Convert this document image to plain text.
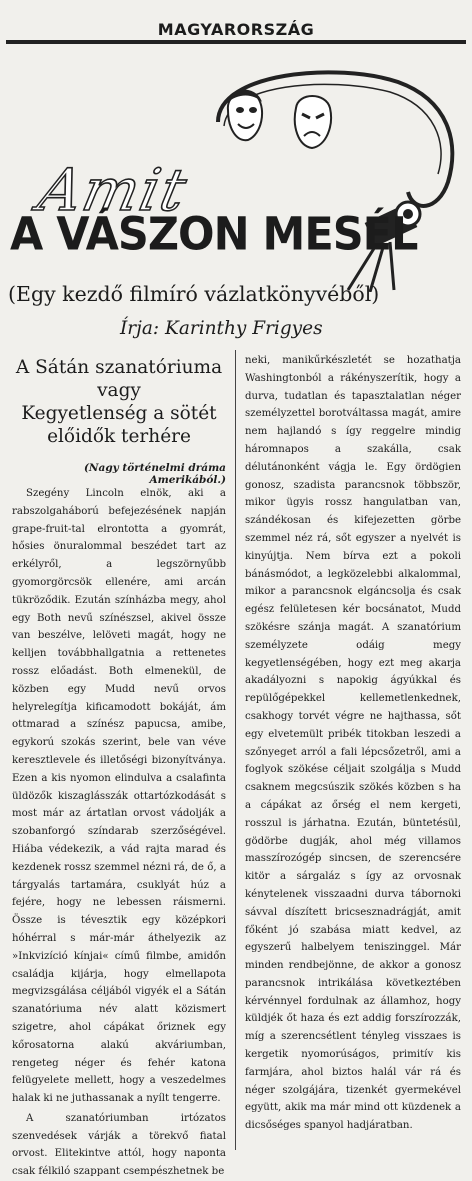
MAGYARORSZÁG
Amit
A VÁSZON MESÉL
(Egy kezdő filmíró vázlatkönyvéből)
Írja: Karinthy Frigyes
A Sátán szanatóriuma
vagy
Kegyetlenség a sötét
előidők terhére
(Nagy történelmi dráma Amerikából.)

Szegény Lincoln elnök, aki a rabszolgaháború befejezésének napján grape-fruit-tal elrontotta a gyomrát, hősies önuralommal beszédet tart az erkélyről, a legszörnyűbb gyomorgörcsök ellenére, ami arcán tükröződik. Ezután színházba megy, ahol egy Both nevű színészsel, akivel össze van beszélve, lelöveti magát, hogy ne kelljen továbbhallgatnia a rettenetes rossz előadást. Both elmenekül, de közben egy Mudd nevű orvos helyrelegítja kificamodott bokáját, ám ottmarad a színész papucsa, amibe, egykorú szokás szerint, bele van véve keresztlevele és illetőségi bizonyítványa. Ezen a kis nyomon elindulva a csalafinta üldözők kiszaglásszák ottartózkodását s most már az ártatlan orvost vádolják a szobanforgó színdarab szerzőségével. Hiába védekezik, a vád rajta marad és kezdenek rossz szemmel nézni rá, de ő, a tárgyalás tartamára, csuklyát húz a fejére, hogy ne lebessen ráismerni. Össze is tévesztik egy középkori hóhérral s már-már áthelyezik az »Inkvizíció kínjai« című filmbe, amidőn családja kijárja, hogy elmellapota megvizsgálása céljából vigyék el a Sátán szanatóriuma név alatt közismert szigetre, ahol cápákat őriznek egy kőrosatorna alakú akváriumban, rengeteg néger és fehér katona felügyelete mellett, hogy a veszedelmes halak ki ne juthassanak a nyílt tengerre.

A szanatóriumban irtózatos szenvedések várják a törekvő fiatal orvost. Elitekintve attól, hogy naponta csak félkiló szappant csempészhetnek be

neki, manikűrkészletét se hozathatja Washingtonból a rákényszerítik, hogy a durva, tudatlan és tapasztalatlan néger személyzettel borotváltassa magát, amire nem hajlandó s így reggelre mindig háromnapos a szakálla, csak délutánonként vágja le. Egy ördögien gonosz, szadista parancsnok többször, mikor ügyis rossz hangulatban van, szándékosan és kifejezetten görbe szemmel néz rá, sőt egyszer a nyelvét is kinyújtja. Nem bírva ezt a pokoli bánásmódot, a legközelebbi alkalommal, mikor a parancsnok elgáncsolja és csak egész felületesen kér bocsánatot, Mudd szökésre szánja magát. A szanatórium személyzete odáig megy kegyetlenségében, hogy ezt meg akarja akadályozni s napokig ágyúkkal és repülőgépekkel kellemetlenkednek, csakhogy torvét végre ne hajthassa, sőt egy elvetemült pribék titokban leszedi a szőnyeget arról a fali lépcsőzetről, ami a foglyok szökése céljait szolgálja s Mudd csaknem megcsúszik szökés közben s ha a cápákat az őrség el nem kergeti, rosszul is járhatna. Ezután, büntetésül, gödörbe dugják, ahol még villamos masszírozógép sincsen, de szerencsére kitör a sárgaláz s így az orvosnak kénytelenek visszaadni durva tábornoki sávval díszített bricsesznadrágját, amit főként jó szabása miatt kedvel, az egyszerű halbelyem teniszinggel. Már minden rendbejönne, de akkor a gonosz parancsnok intrikálása következtében kérvénnyel fordulnak az államhoz, hogy küldjék őt haza és ezt addig forszírozzák, míg a szerencsétlent tényleg visszaes is kergetik nyomorúságos, primitív kis farmjára, ahol biztos halál vár rá és néger szolgájára, tizenkét gyermekével együtt, akik ma már mind ott küzdenek a dicsőséges spanyol hadjáratban.
